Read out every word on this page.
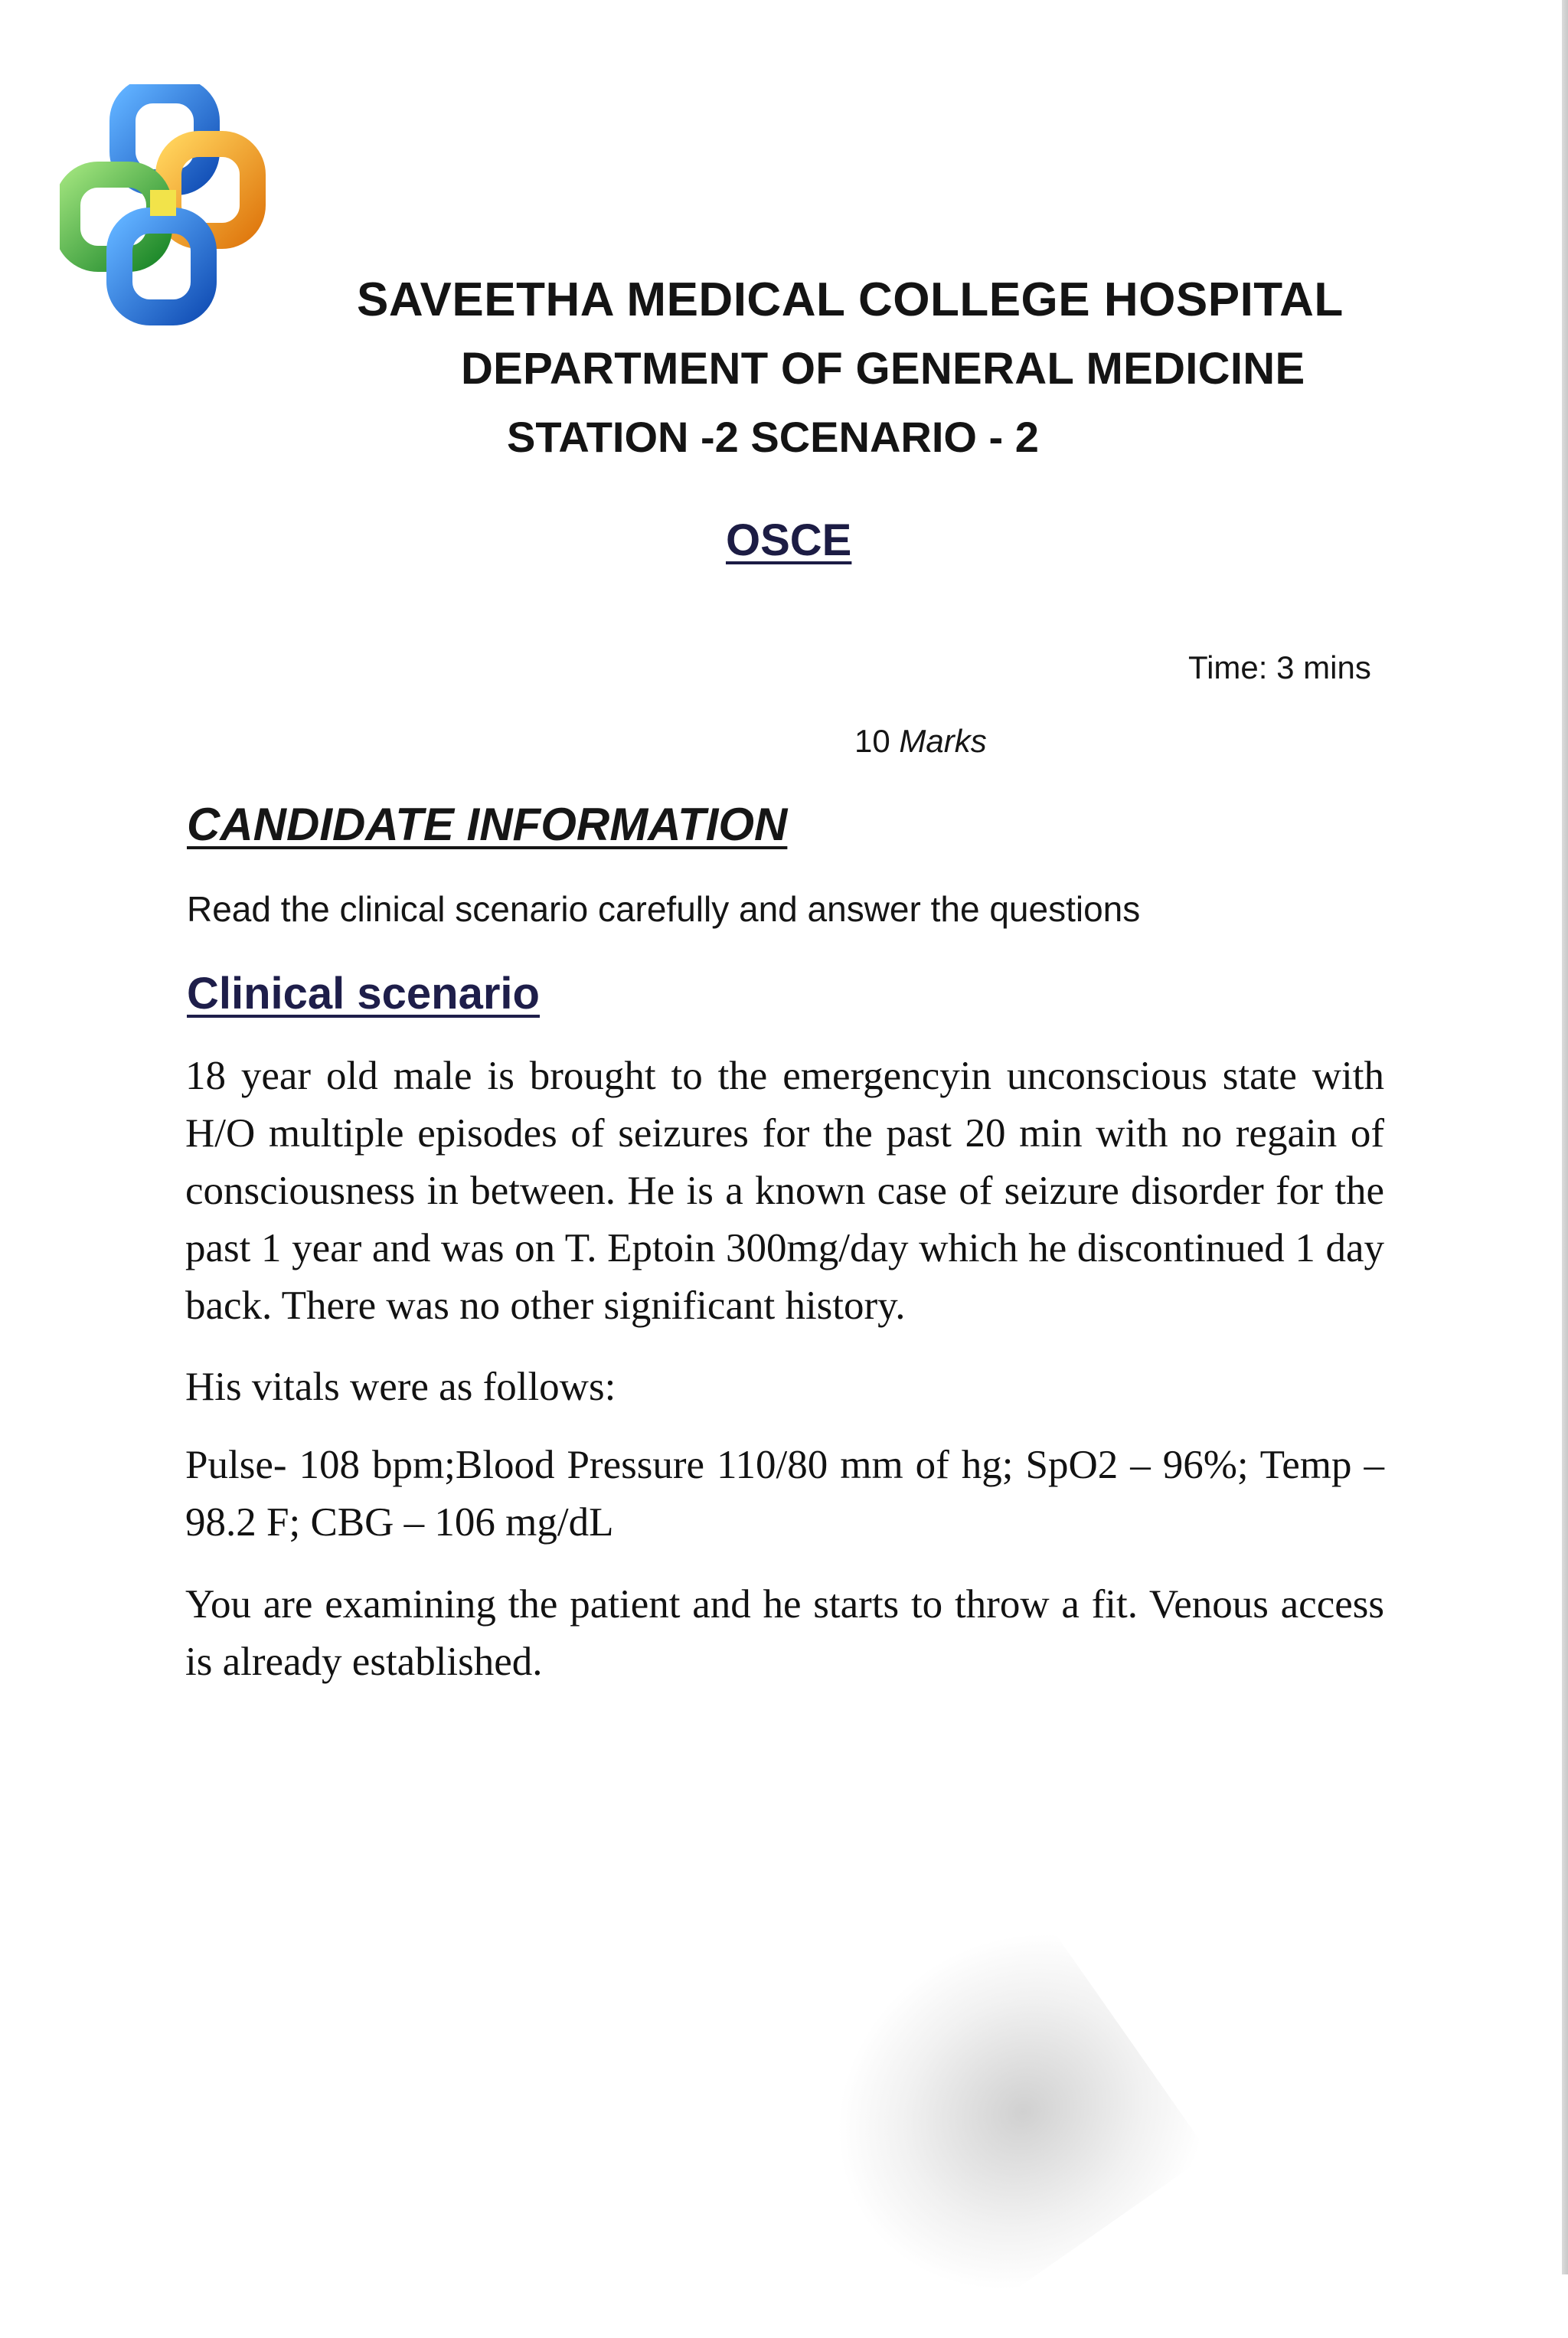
SAVEETHA MEDICAL COLLEGE HOSPITAL
DEPARTMENT OF GENERAL MEDICINE
STATION -2 SCENARIO - 2
OSCE
Time: 3 mins
10 Marks
CANDIDATE INFORMATION
Read the clinical scenario carefully and answer the questions
Clinical scenario

18 year old male is brought to the emergencyin unconscious state with H/O multiple episodes of seizures for the past 20 min with no regain of consciousness in between. He is a known case of seizure disorder for the past 1 year and was on T. Eptoin 300mg/day which he discontinued 1 day back. There was no other significant history.

His vitals were as follows:

Pulse- 108 bpm;Blood Pressure 110/80 mm of hg; SpO2 – 96%; Temp – 98.2 F; CBG – 106 mg/dL

You are examining the patient and he starts to throw a fit. Venous access is already established.
